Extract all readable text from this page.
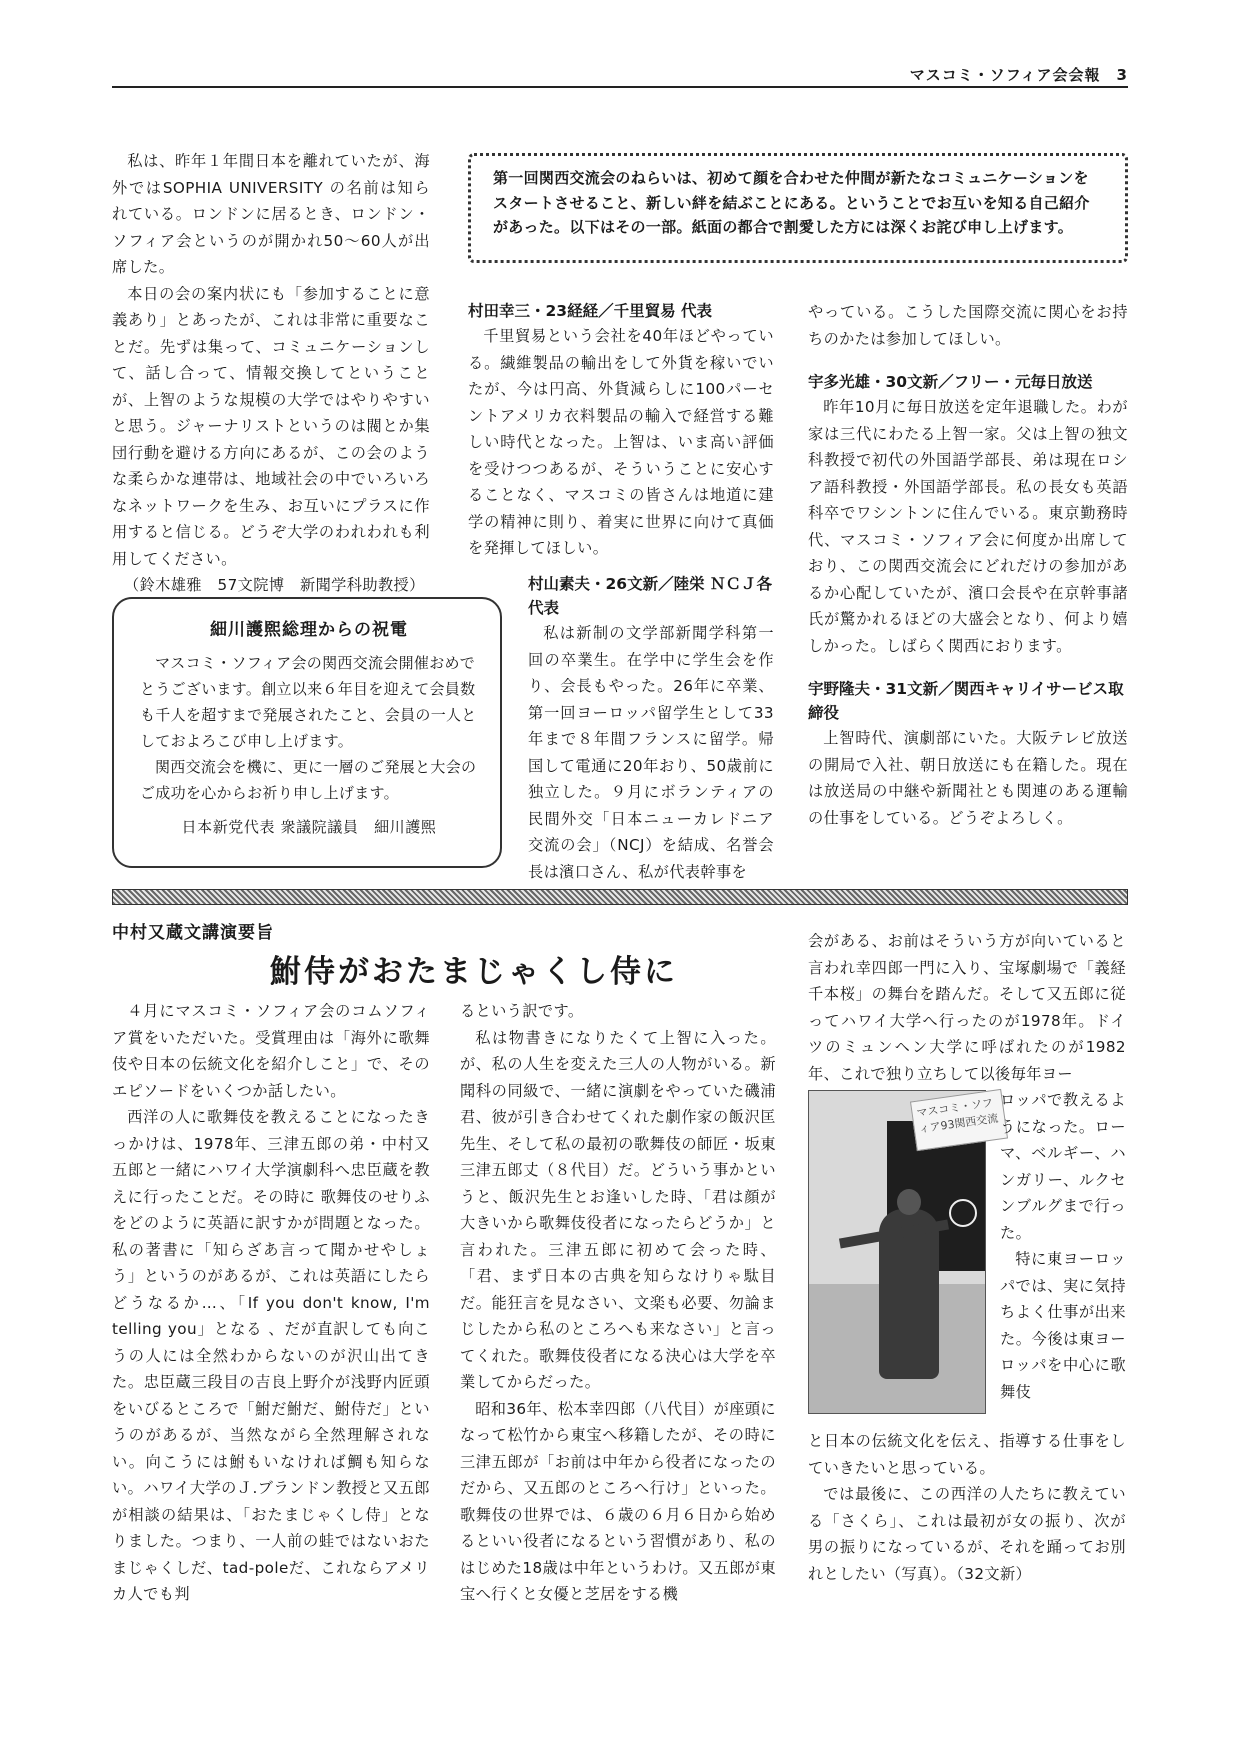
マスコミ・ソフィア会会報　3

私は、昨年１年間日本を離れていたが、海外ではSOPHIA UNIVERSITY の名前は知られている。ロンドンに居るとき、ロンドン・ソフィア会というのが開かれ50〜60人が出席した。

本日の会の案内状にも「参加することに意義あり」とあったが、これは非常に重要なことだ。先ずは集って、コミュニケーションして、話し合って、情報交換してということが、上智のような規模の大学ではやりやすいと思う。ジャーナリストというのは閥とか集団行動を避ける方向にあるが、この会のような柔らかな連帯は、地域社会の中でいろいろなネットワークを生み、お互いにプラスに作用すると信じる。どうぞ大学のわれわれも利用してください。

（鈴木雄雅　57文院博　新聞学科助教授）

第一回関西交流会のねらいは、初めて顔を合わせた仲間が新たなコミュニケーションをスタートさせること、新しい絆を結ぶことにある。ということでお互いを知る自己紹介があった。以下はその一部。紙面の都合で割愛した方には深くお詫び申し上げます。
細川護煕総理からの祝電

マスコミ・ソフィア会の関西交流会開催おめでとうございます。創立以来６年目を迎えて会員数も千人を超すまで発展されたこと、会員の一人としておよろこび申し上げます。

関西交流会を機に、更に一層のご発展と大会のご成功を心からお祈り申し上げます。

日本新党代表 衆議院議員　細川護煕
村田幸三・23経経／千里貿易 代表

千里貿易という会社を40年ほどやっている。繊維製品の輸出をして外貨を稼いでいたが、今は円高、外貨減らしに100パーセントアメリカ衣料製品の輸入で経営する難しい時代となった。上智は、いま高い評価を受けつつあるが、そういうことに安心することなく、マスコミの皆さんは地道に建学の精神に則り、着実に世界に向けて真価を発揮してほしい。

村山素夫・26文新／陸栄 ＮＣＪ各代表

私は新制の文学部新聞学科第一回の卒業生。在学中に学生会を作り、会長もやった。26年に卒業、第一回ヨーロッパ留学生として33年まで８年間フランスに留学。帰国して電通に20年おり、50歳前に独立した。９月にボランティアの民間外交「日本ニューカレドニア交流の会」（NCJ）を結成、名誉会長は濱口さん、私が代表幹事を

やっている。こうした国際交流に関心をお持ちのかたは参加してほしい。

宇多光雄・30文新／フリー・元毎日放送

昨年10月に毎日放送を定年退職した。わが家は三代にわたる上智一家。父は上智の独文科教授で初代の外国語学部長、弟は現在ロシア語科教授・外国語学部長。私の長女も英語科卒でワシントンに住んでいる。東京勤務時代、マスコミ・ソフィア会に何度か出席しており、この関西交流会にどれだけの参加があるか心配していたが、濱口会長や在京幹事諸氏が驚かれるほどの大盛会となり、何より嬉しかった。しばらく関西におります。

宇野隆夫・31文新／関西キャリイサービス取締役

上智時代、演劇部にいた。大阪テレビ放送の開局で入社、朝日放送にも在籍した。現在は放送局の中継や新聞社とも関連のある運輸の仕事をしている。どうぞよろしく。

中村又蔵文講演要旨
鮒侍がおたまじゃくし侍に

４月にマスコミ・ソフィア会のコムソフィア賞をいただいた。受賞理由は「海外に歌舞伎や日本の伝統文化を紹介しこと」で、そのエピソードをいくつか話したい。

西洋の人に歌舞伎を教えることになったきっかけは、1978年、三津五郎の弟・中村又五郎と一緒にハワイ大学演劇科へ忠臣蔵を教えに行ったことだ。その時に 歌舞伎のせりふをどのように英語に訳すかが問題となった。私の著書に「知らざあ言って聞かせやしょう」というのがあるが、これは英語にしたらどうなるか…、「If you don't know, I'm telling you」となる 、だが直訳しても向こうの人には全然わからないのが沢山出てきた。忠臣蔵三段目の吉良上野介が浅野内匠頭をいびるところで「鮒だ鮒だ、鮒侍だ」というのがあるが、当然ながら全然理解されない。向こうには鮒もいなければ鯛も知らない。ハワイ大学のＪ.ブランドン教授と又五郎が相談の結果は、「おたまじゃくし侍」となりました。つまり、一人前の蛙ではないおたまじゃくしだ、tad-poleだ、これならアメリカ人でも判

るという訳です。

私は物書きになりたくて上智に入った。が、私の人生を変えた三人の人物がいる。新聞科の同級で、一緒に演劇をやっていた磯浦君、彼が引き合わせてくれた劇作家の飯沢匡先生、そして私の最初の歌舞伎の師匠・坂東三津五郎丈（８代目）だ。どういう事かというと、飯沢先生とお逢いした時、「君は顔が大きいから歌舞伎役者になったらどうか」と言われた。三津五郎に初めて会った時、「君、まず日本の古典を知らなけりゃ駄目だ。能狂言を見なさい、文楽も必要、勿論まじしたから私のところへも来なさい」と言ってくれた。歌舞伎役者になる決心は大学を卒業してからだった。

昭和36年、松本幸四郎（八代目）が座頭になって松竹から東宝へ移籍したが、その時に三津五郎が「お前は中年から役者になったのだから、又五郎のところへ行け」といった。歌舞伎の世界では、６歳の６月６日から始めるといい役者になるという習慣があり、私のはじめた18歳は中年というわけ。又五郎が東宝へ行くと女優と芝居をする機

会がある、お前はそういう方が向いていると言われ幸四郎一門に入り、宝塚劇場で「義経千本桜」の舞台を踏んだ。そして又五郎に従ってハワイ大学へ行ったのが1978年。ドイツのミュンヘン大学に呼ばれたのが1982年、これで独り立ちして以後毎年ヨー

マスコミ・ソフィア93関西交流

ロッパで教えるようになった。ローマ、ベルギー、ハンガリー、ルクセンブルグまで行った。

特に東ヨーロッパでは、実に気持ちよく仕事が出来た。今後は東ヨーロッパを中心に歌舞伎

と日本の伝統文化を伝え、指導する仕事をしていきたいと思っている。

では最後に、この西洋の人たちに教えている「さくら」、これは最初が女の振り、次が男の振りになっているが、それを踊ってお別れとしたい（写真）。（32文新）
